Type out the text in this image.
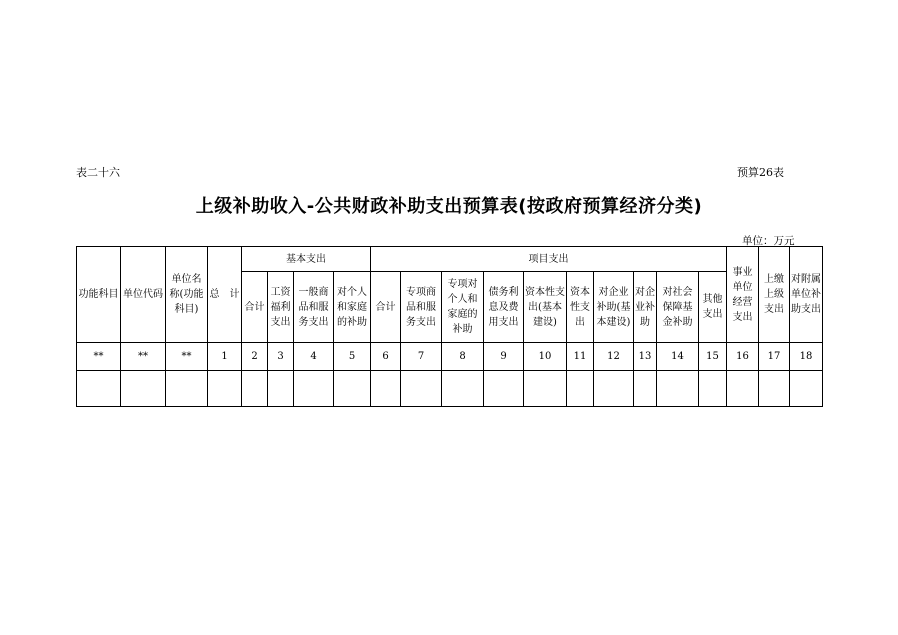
表二十六	预算26表
上级补助收入-公共财政补助支出预算表(按政府预算经济分类)
单位：万元
功能科目	单位代码	单位名称(功能科目)	总　计	基本支出				项目支出										事业单位经营支出	上缴上级支出	对附属单位补助支出
				合计	工资福利支出	一般商品和服务支出	对个人和家庭的补助	合计	专项商品和服务支出	专项对个人和家庭的补助	债务利息及费用支出	资本性支出(基本建设)	资本性支出	对企业补助(基本建设)	对企业补助	对社会保障基金补助	其他支出			
**	**	**	1	2	3	4	5	6	7	8	9	10	11	12	13	14	15	16	17	18
